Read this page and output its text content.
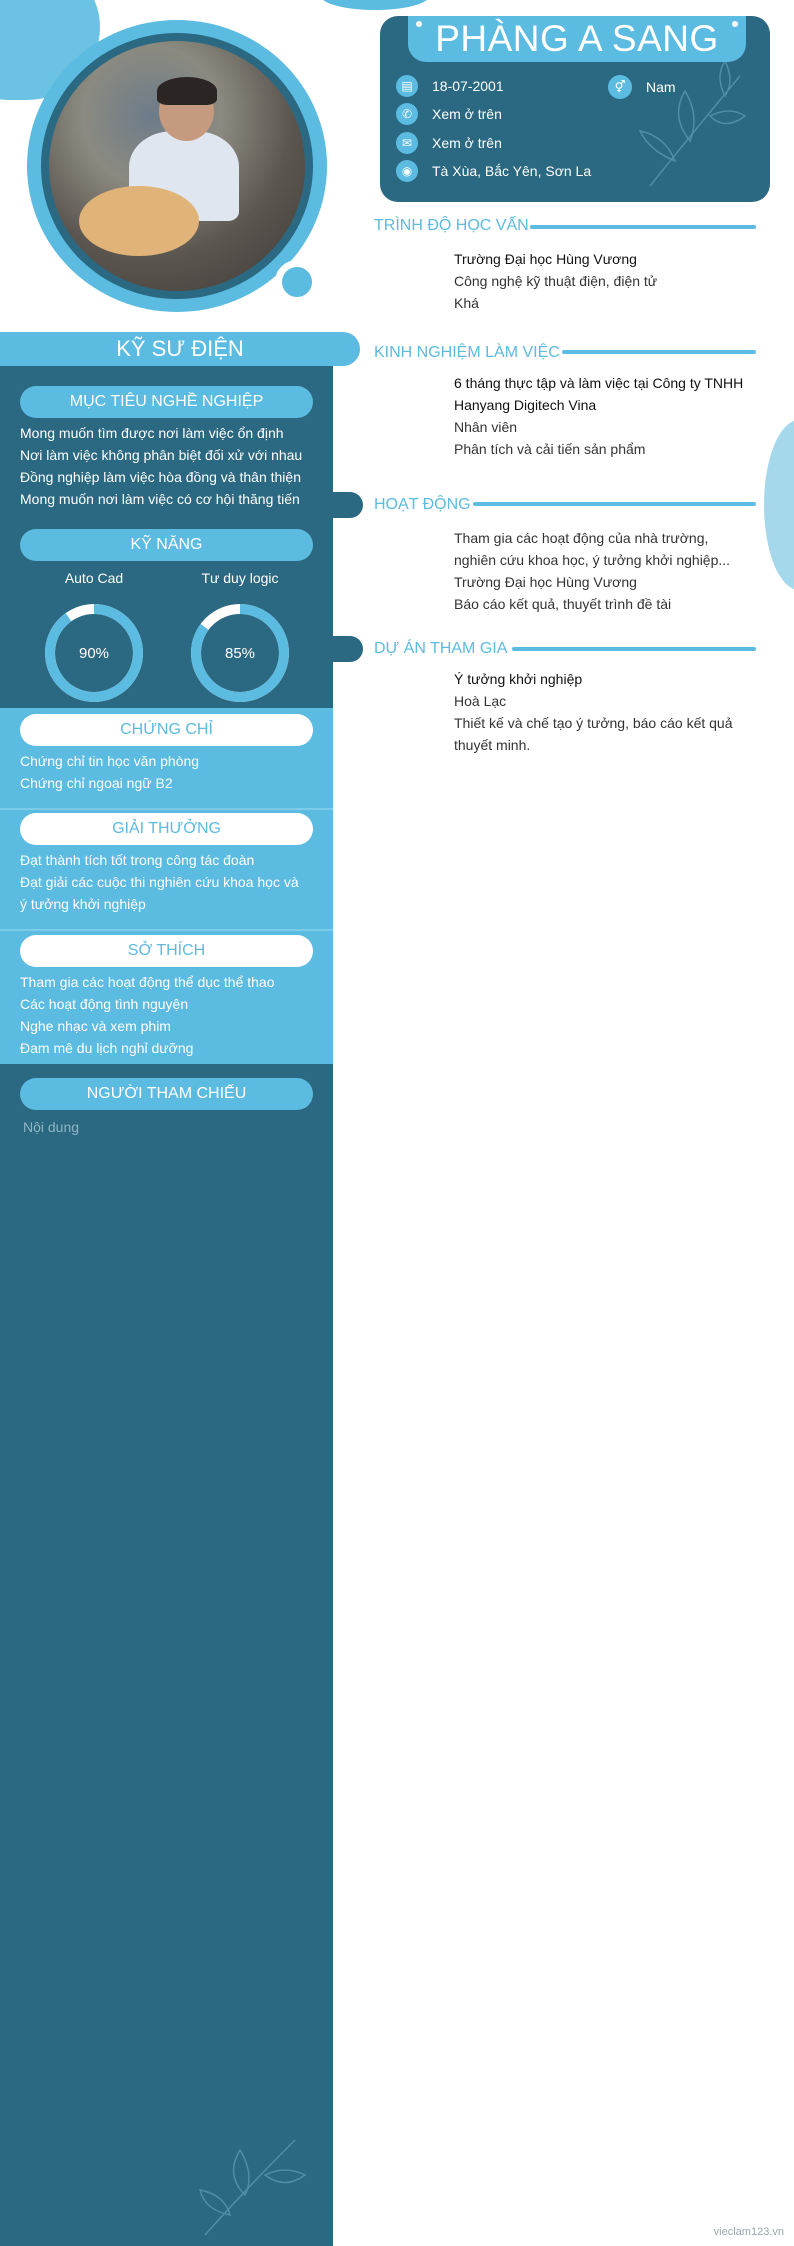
PHÀNG A SANG
▤	18-07-2001	⚥	Nam
✆	Xem ở trên
✉	Xem ở trên
◉	Tà Xùa, Bắc Yên, Sơn La
KỸ SƯ ĐIỆN
MỤC TIÊU NGHỀ NGHIỆP
Mong muốn tìm được nơi làm việc ổn định
Nơi làm việc không phân biệt đối xử với nhau
Đồng nghiệp làm việc hòa đồng và thân thiện
Mong muốn nơi làm việc có cơ hội thăng tiến
KỸ NĂNG
Auto Cad	Tư duy logic
90%	85%
CHỨNG CHỈ
Chứng chỉ tin học văn phòng
Chứng chỉ ngoại ngữ B2
GIẢI THƯỞNG
Đạt thành tích tốt trong công tác đoàn
Đạt giải các cuộc thi nghiên cứu khoa học và
ý tưởng khởi nghiệp
SỞ THÍCH
Tham gia các hoạt động thể dục thể thao
Các hoạt động tình nguyện
Nghe nhạc và xem phim
Đam mê du lịch nghỉ dưỡng
NGƯỜI THAM CHIẾU
Nội dung
TRÌNH ĐỘ HỌC VẤN
Trường Đại học Hùng Vương
Công nghệ kỹ thuật điện, điện tử
Khá
KINH NGHIỆM LÀM VIỆC
6 tháng thực tập và làm việc tại Công ty TNHH
Hanyang Digitech Vina
Nhân viên
Phân tích và cải tiến sản phẩm
HOẠT ĐỘNG
Tham gia các hoạt động của nhà trường,
nghiên cứu khoa học, ý tưởng khởi nghiệp...
Trường Đại học Hùng Vương
Báo cáo kết quả, thuyết trình đề tài
DỰ ÁN THAM GIA
Ý tưởng khởi nghiệp
Hoà Lạc
Thiết kế và chế tạo ý tưởng, báo cáo kết quả
thuyết minh.
vieclam123.vn
